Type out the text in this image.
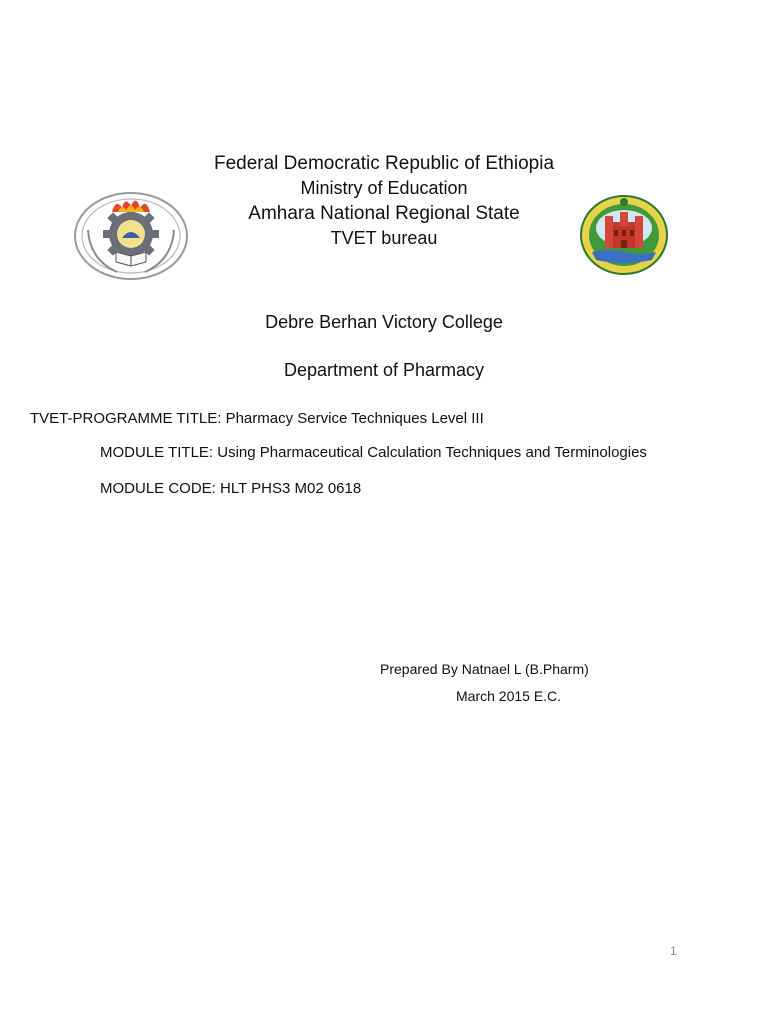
Federal Democratic Republic of Ethiopia
Ministry of Education
Amhara National Regional State
TVET bureau
Debre Berhan Victory College
Department of Pharmacy
TVET-PROGRAMME TITLE: Pharmacy Service Techniques Level III
MODULE TITLE: Using Pharmaceutical Calculation Techniques and Terminologies
MODULE CODE: HLT PHS3 M02 0618
Prepared By Natnael L (B.Pharm)
March 2015 E.C.
1
